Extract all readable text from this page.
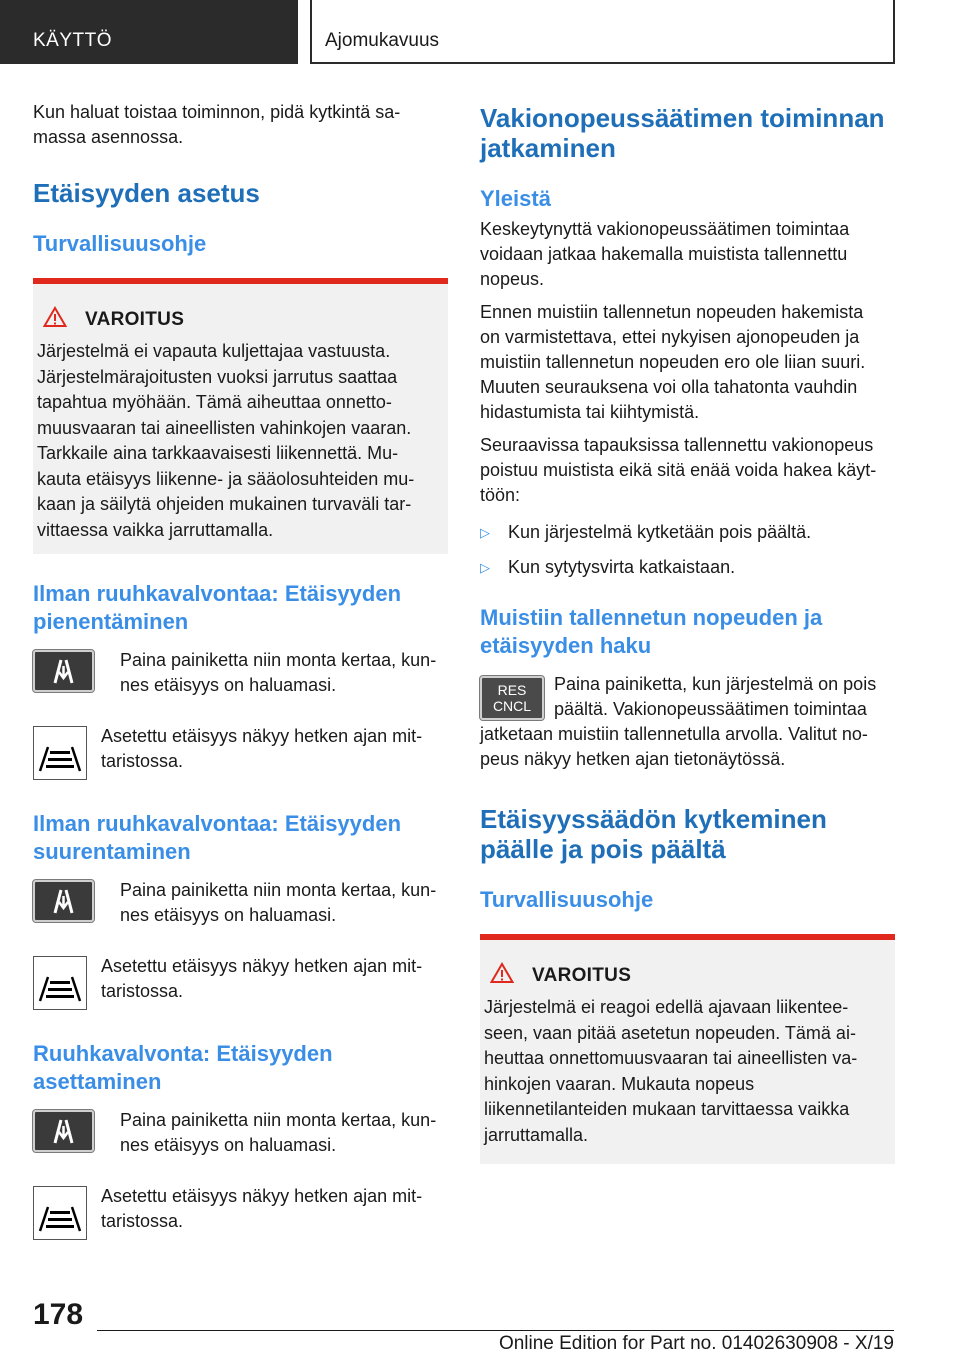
KÄYTTÖ	Ajomukavuus

Kun haluat toistaa toiminnon, pidä kytkintä sa-
massa asennossa.

Etäisyyden asetus
Turvallisuusohje
VAROITUS

Järjestelmä ei vapauta kuljettajaa vastuusta.
Järjestelmärajoitusten vuoksi jarrutus saattaa
tapahtua myöhään. Tämä aiheuttaa onnetto-
muusvaaran tai aineellisten vahinkojen vaaran.
Tarkkaile aina tarkkaavaisesti liikennettä. Mu-
kauta etäisyys liikenne- ja sääolosuhteiden mu-
kaan ja säilytä ohjeiden mukainen turvaväli tar-
vittaessa vaikka jarruttamalla.

Ilman ruuhkavalvontaa: Etäisyyden
pienentäminen

Paina painiketta niin monta kertaa, kun-
nes etäisyys on haluamasi.

Asetettu etäisyys näkyy hetken ajan mit-
taristossa.

Ilman ruuhkavalvontaa: Etäisyyden
suurentaminen

Paina painiketta niin monta kertaa, kun-
nes etäisyys on haluamasi.

Asetettu etäisyys näkyy hetken ajan mit-
taristossa.

Ruuhkavalvonta: Etäisyyden
asettaminen

Paina painiketta niin monta kertaa, kun-
nes etäisyys on haluamasi.

Asetettu etäisyys näkyy hetken ajan mit-
taristossa.

Vakionopeussäätimen toiminnan
jatkaminen
Yleistä

Keskeytynyttä vakionopeussäätimen toimintaa
voidaan jatkaa hakemalla muistista tallennettu
nopeus.

Ennen muistiin tallennetun nopeuden hakemista
on varmistettava, ettei nykyisen ajonopeuden ja
muistiin tallennetun nopeuden ero ole liian suuri.
Muuten seurauksena voi olla tahatonta vauhdin
hidastumista tai kiihtymistä.

Seuraavissa tapauksissa tallennettu vakionopeus
poistuu muistista eikä sitä enää voida hakea käyt-
töön:

▷	Kun järjestelmä kytketään pois päältä.

▷	Kun sytytysvirta katkaistaan.

Muistiin tallennetun nopeuden ja
etäisyyden haku
RES
CNCL

Paina painiketta, kun järjestelmä on pois
päältä. Vakionopeussäätimen toimintaa

jatketaan muistiin tallennetulla arvolla. Valitut no-
peus näkyy hetken ajan tietonäytössä.

Etäisyyssäädön kytkeminen
päälle ja pois päältä
Turvallisuusohje
VAROITUS

Järjestelmä ei reagoi edellä ajavaan liikentee-
seen, vaan pitää asetetun nopeuden. Tämä ai-
heuttaa onnettomuusvaaran tai aineellisten va-
hinkojen vaaran. Mukauta nopeus
liikennetilanteiden mukaan tarvittaessa vaikka
jarruttamalla.

178
Online Edition for Part no. 01402630908 - X/19
